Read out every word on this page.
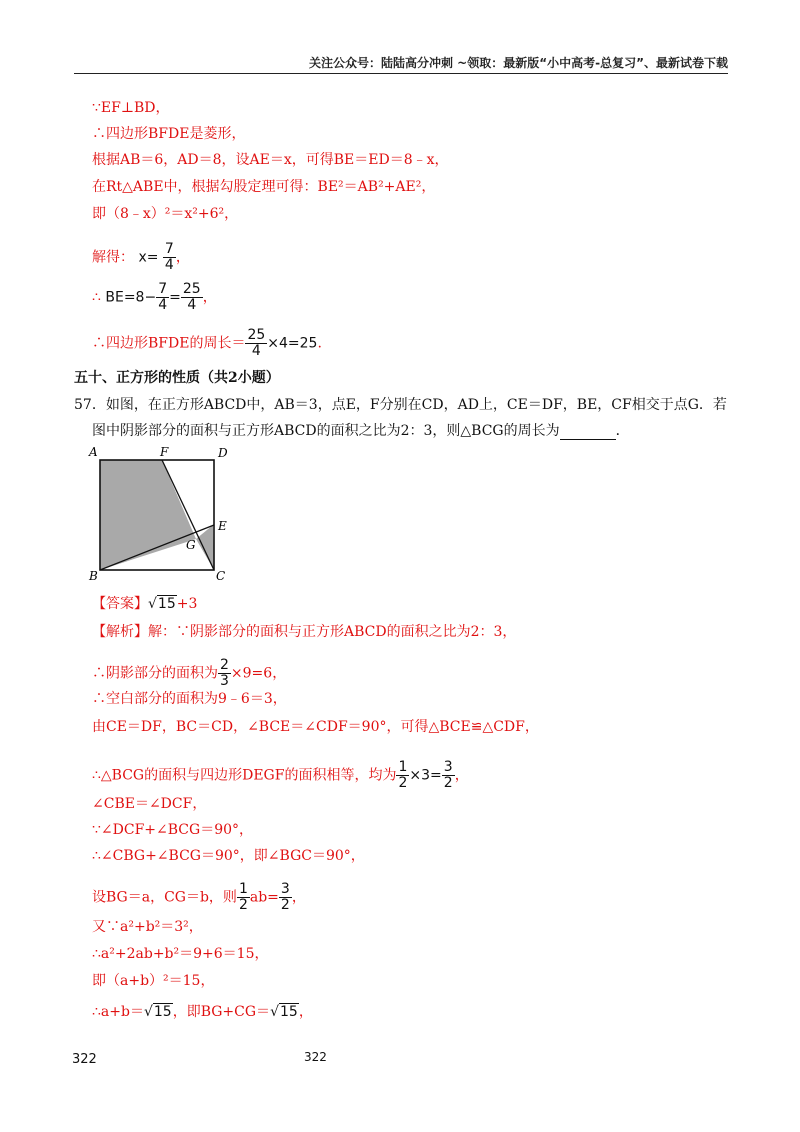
关注公众号：陆陆高分冲刺 ~领取：最新版“小中高考-总复习”、最新试卷下载
∵EF⊥BD，
∴四边形BFDE是菱形，
根据AB＝6，AD＝8，设AE＝x，可得BE＝ED＝8﹣x，
在Rt△ABE中，根据勾股定理可得：BE²＝AB²+AE²，
即（8﹣x）²＝x²+6²，
解得： $x= \frac{7}{4}$ ，
∴ $BE=8- \frac{7}{4} = \frac{25}{4}$ ，
∴四边形BFDE的周长＝ $\frac{25}{4} \times 4=25$.
五十、正方形的性质（共2小题）
57．如图，在正方形ABCD中，AB＝3，点E，F分别在CD，AD上，CE＝DF，BE，CF相交于点G．若
图中阴影部分的面积与正方形ABCD的面积之比为2：3，则△BCG的周长为	．
A	F	D
E
G
B	C
【答案】√15+3
【解析】解：∵阴影部分的面积与正方形ABCD的面积之比为2：3，
∴阴影部分的面积为 $\frac{2}{3} \times 9=6$，
∴空白部分的面积为9﹣6＝3，
由CE＝DF，BC＝CD，∠BCE＝∠CDF＝90°，可得△BCE≌△CDF，
∴△BCG的面积与四边形DEGF的面积相等，均为 $\frac{1}{2} \times 3= \frac{3}{2}$ ，
∠CBE＝∠DCF，
∵∠DCF+∠BCG＝90°，
∴∠CBG+∠BCG＝90°，即∠BGC＝90°，
设BG＝a，CG＝b，则 $\frac{1}{2} ab= \frac{3}{2}$ ，
又∵a²+b²＝3²，
∴a²+2ab+b²＝9+6＝15，
即（a+b）²＝15，
∴a+b＝√15，即BG+CG＝√15，
322	322
